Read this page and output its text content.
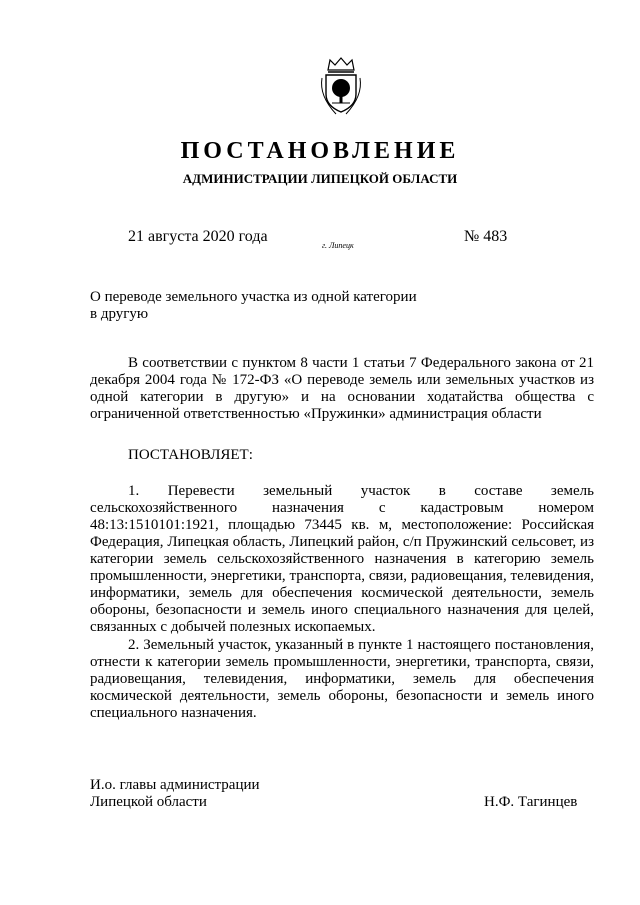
ПОСТАНОВЛЕНИЕ
АДМИНИСТРАЦИИ ЛИПЕЦКОЙ ОБЛАСТИ
21 августа 2020 года
г. Липецк
№ 483
О переводе земельного участка из одной категории
в другую
В соответствии с пунктом 8 части 1 статьи 7 Федерального закона от 21 декабря 2004 года № 172-ФЗ «О переводе земель или земельных участков из одной категории в другую» и на основании ходатайства общества с ограниченной ответственностью «Пружинки» администрация области
ПОСТАНОВЛЯЕТ:
1. Перевести земельный участок в составе земель сельскохозяйственного назначения с кадастровым номером 48:13:1510101:1921, площадью 73445 кв. м, местоположение: Российская Федерация, Липецкая область, Липецкий район, с/п Пружинский сельсовет, из категории земель сельскохозяйственного назначения в категорию земель промышленности, энергетики, транспорта, связи, радиовещания, телевидения, информатики, земель для обеспечения космической деятельности, земель обороны, безопасности и земель иного специального назначения для целей, связанных с добычей полезных ископаемых.
2. Земельный участок, указанный в пункте 1 настоящего постановления, отнести к категории земель промышленности, энергетики, транспорта, связи, радиовещания, телевидения, информатики, земель для обеспечения космической деятельности, земель обороны, безопасности и земель иного специального назначения.
И.о. главы администрации
Липецкой области	Н.Ф. Тагинцев
